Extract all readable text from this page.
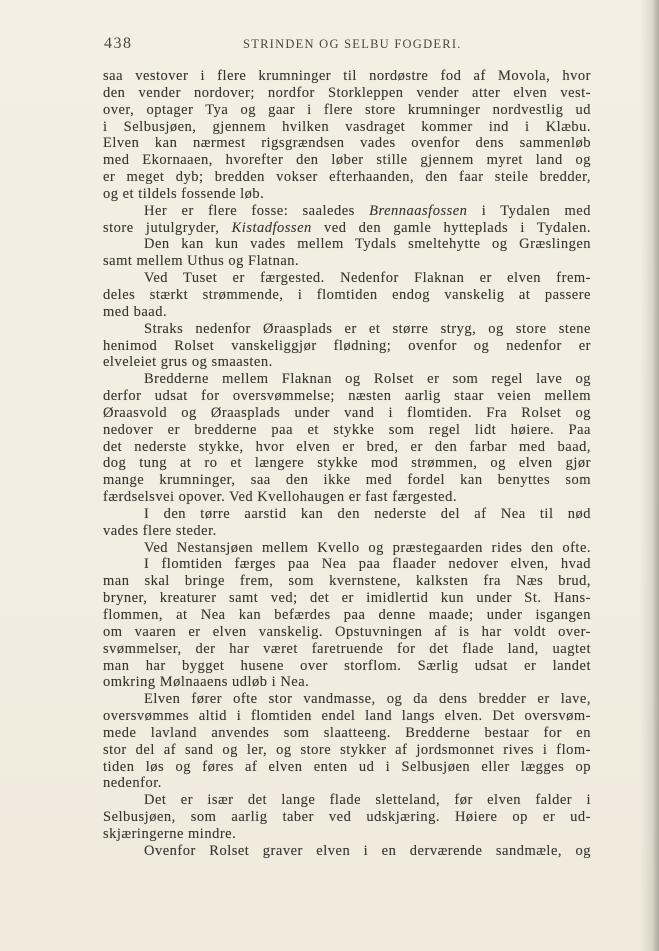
438	STRINDEN OG SELBU FOGDERI.
saa vestover i flere krumninger til nordøstre fod af Movola, hvor
den vender nordover; nordfor Storkleppen vender atter elven vest-
over, optager Tya og gaar i flere store krumninger nordvestlig ud
i Selbusjøen, gjennem hvilken vasdraget kommer ind i Klæbu.
Elven kan nærmest rigsgrændsen vades ovenfor dens sammenløb
med Ekornaaen, hvorefter den løber stille gjennem myret land og
er meget dyb; bredden vokser efterhaanden, den faar steile bredder,
og et tildels fossende løb.
Her er flere fosse: saaledes Brennaasfossen i Tydalen med
store jutulgryder, Kistadfossen ved den gamle hytteplads i Tydalen.
Den kan kun vades mellem Tydals smeltehytte og Græslingen
samt mellem Uthus og Flatnan.
Ved Tuset er færgested. Nedenfor Flaknan er elven frem-
deles stærkt strømmende, i flomtiden endog vanskelig at passere
med baad.
Straks nedenfor Øraasplads er et større stryg, og store stene
henimod Rolset vanskeliggjør flødning; ovenfor og nedenfor er
elveleiet grus og smaasten.
Bredderne mellem Flaknan og Rolset er som regel lave og
derfor udsat for oversvømmelse; næsten aarlig staar veien mellem
Øraasvold og Øraasplads under vand i flomtiden. Fra Rolset og
nedover er bredderne paa et stykke som regel lidt høiere. Paa
det nederste stykke, hvor elven er bred, er den farbar med baad,
dog tung at ro et længere stykke mod strømmen, og elven gjør
mange krumninger, saa den ikke med fordel kan benyttes som
færdselsvei opover. Ved Kvellohaugen er fast færgested.
I den tørre aarstid kan den nederste del af Nea til nød
vades flere steder.
Ved Nestansjøen mellem Kvello og præstegaarden rides den ofte.
I flomtiden færges paa Nea paa flaader nedover elven, hvad
man skal bringe frem, som kvernstene, kalksten fra Næs brud,
bryner, kreaturer samt ved; det er imidlertid kun under St. Hans-
flommen, at Nea kan befærdes paa denne maade; under isgangen
om vaaren er elven vanskelig. Opstuvningen af is har voldt over-
svømmelser, der har været faretruende for det flade land, uagtet
man har bygget husene over storflom. Særlig udsat er landet
omkring Mølnaaens udløb i Nea.
Elven fører ofte stor vandmasse, og da dens bredder er lave,
oversvømmes altid i flomtiden endel land langs elven. Det oversvøm-
mede lavland anvendes som slaatteeng. Bredderne bestaar for en
stor del af sand og ler, og store stykker af jordsmonnet rives i flom-
tiden løs og føres af elven enten ud i Selbusjøen eller lægges op
nedenfor.
Det er især det lange flade sletteland, før elven falder i
Selbusjøen, som aarlig taber ved udskjæring. Høiere op er ud-
skjæringerne mindre.
Ovenfor Rolset graver elven i en derværende sandmæle, og
